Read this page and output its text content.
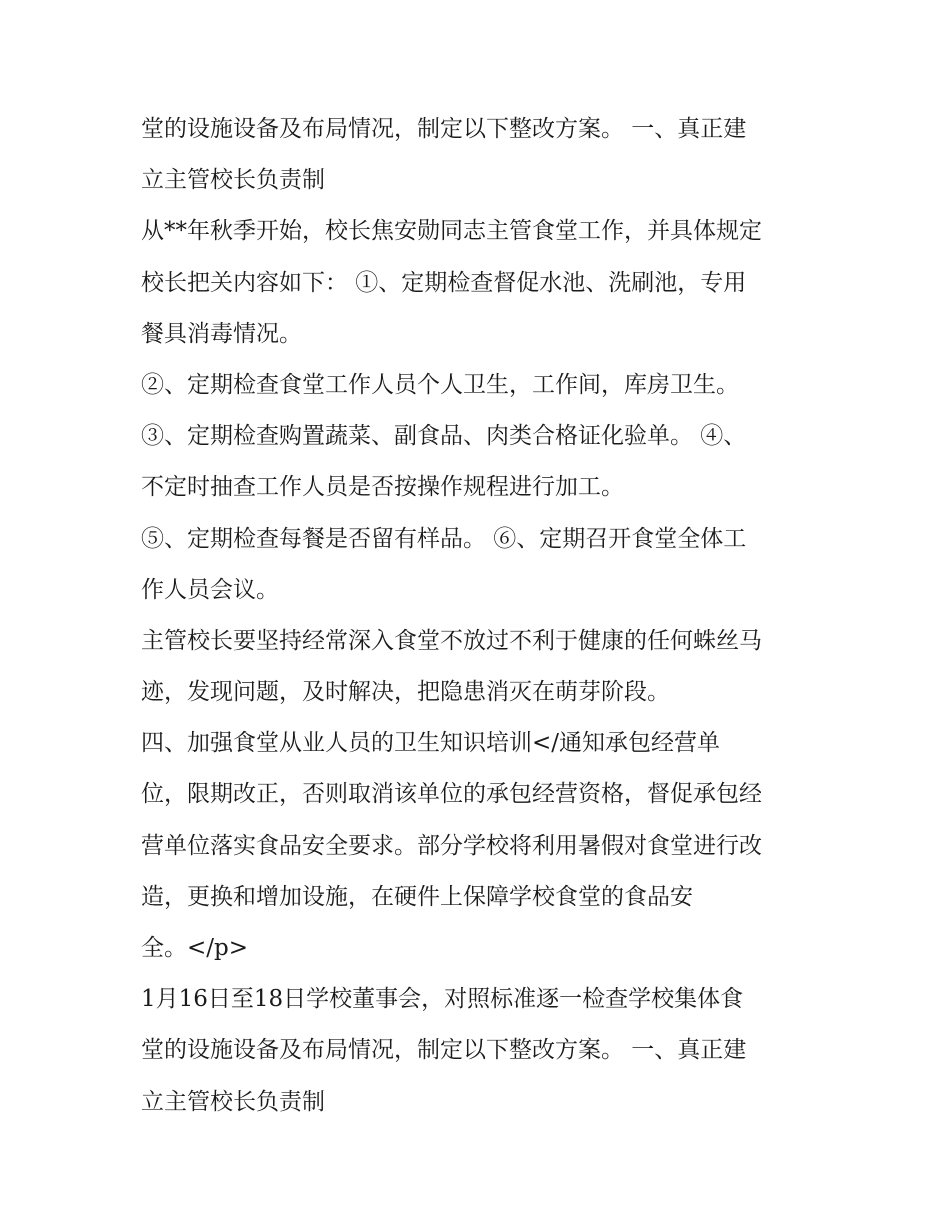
堂的设施设备及布局情况，制定以下整改方案。 一、真正建
立主管校长负责制
从**年秋季开始，校长焦安勋同志主管食堂工作，并具体规定
校长把关内容如下： ①、定期检查督促水池、洗刷池，专用
餐具消毒情况。
②、定期检查食堂工作人员个人卫生，工作间，库房卫生。
③、定期检查购置蔬菜、副食品、肉类合格证化验单。 ④、
不定时抽查工作人员是否按操作规程进行加工。
⑤、定期检查每餐是否留有样品。 ⑥、定期召开食堂全体工
作人员会议。
主管校长要坚持经常深入食堂不放过不利于健康的任何蛛丝马
迹，发现问题，及时解决，把隐患消灭在萌芽阶段。
四、加强食堂从业人员的卫生知识培训</通知承包经营单
位，限期改正，否则取消该单位的承包经营资格，督促承包经
营单位落实食品安全要求。部分学校将利用暑假对食堂进行改
造，更换和增加设施，在硬件上保障学校食堂的食品安
全。</p>
1月16日至18日学校董事会，对照标准逐一检查学校集体食
堂的设施设备及布局情况，制定以下整改方案。 一、真正建
立主管校长负责制
